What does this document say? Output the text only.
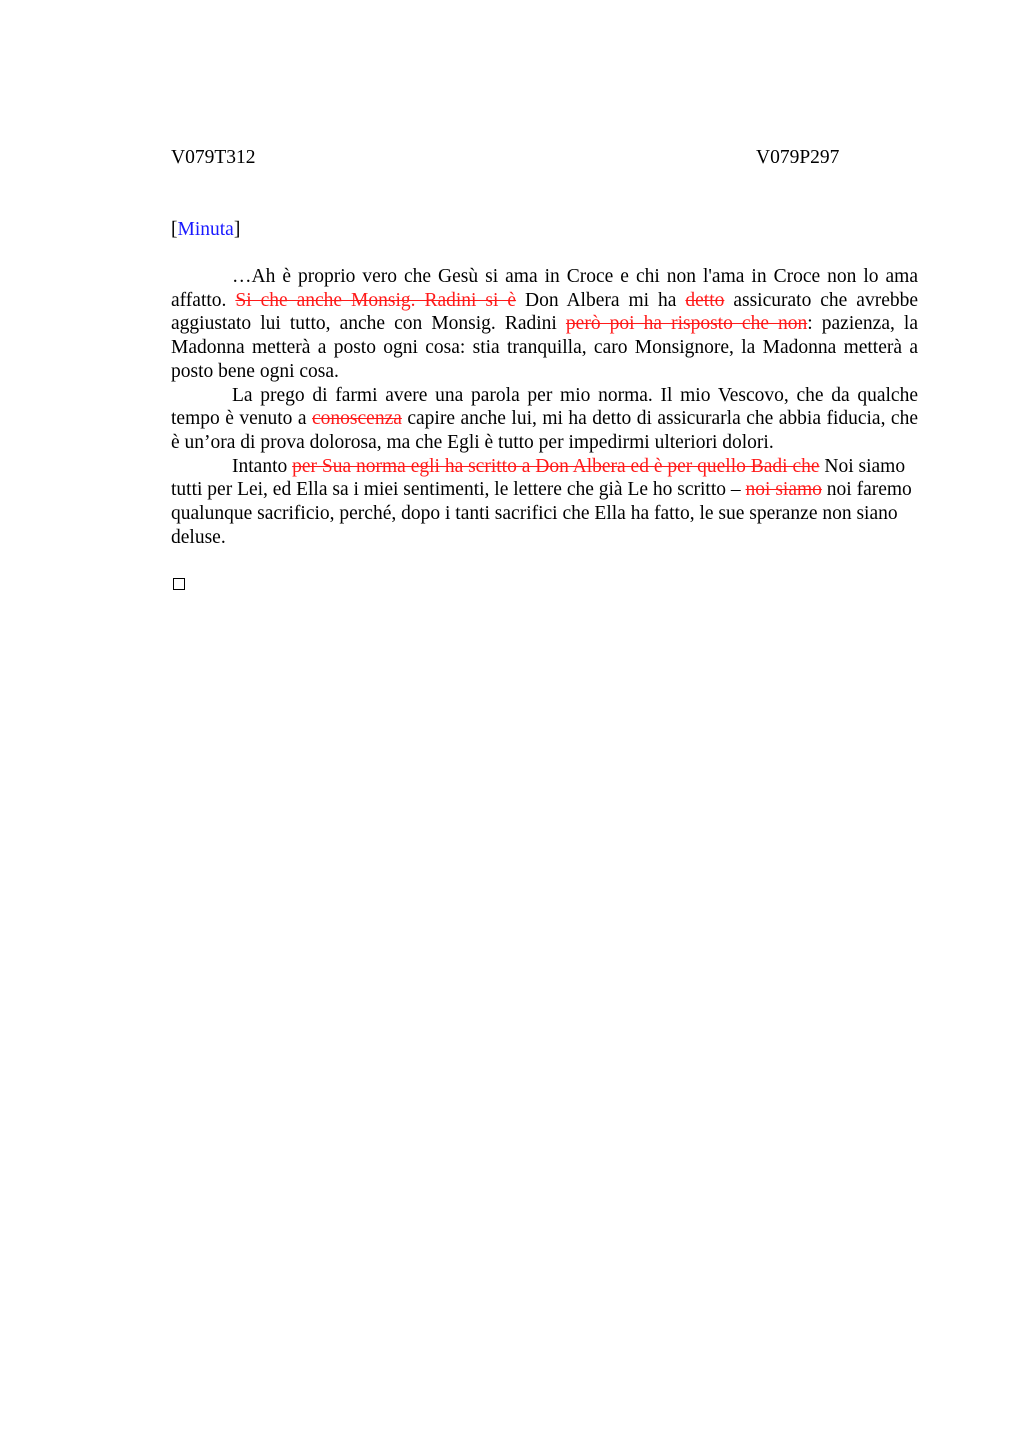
V079T312	V079P297
[Minuta]

…Ah è proprio vero che Gesù si ama in Croce e chi non l'ama in Croce non lo ama affatto. Si che anche Monsig. Radini si è Don Albera mi ha detto assicurato che avrebbe aggiustato lui tutto, anche con Monsig. Radini però poi ha risposto che non: pazienza, la Madonna metterà a posto ogni cosa: stia tranquilla, caro Monsignore, la Madonna metterà a posto bene ogni cosa.

La prego di farmi avere una parola per mio norma. Il mio Vescovo, che da qualche tempo è venuto a conoscenza capire anche lui, mi ha detto di assicurarla che abbia fiducia, che è un’ora di prova dolorosa, ma che Egli è tutto per impedirmi ulteriori dolori.

Intanto per Sua norma egli ha scritto a Don Albera ed è per quello Badi che Noi siamo tutti per Lei, ed Ella sa i miei sentimenti, le lettere che già Le ho scritto – noi siamo noi faremo qualunque sacrificio, perché, dopo i tanti sacrifici che Ella ha fatto, le sue speranze non siano deluse.
